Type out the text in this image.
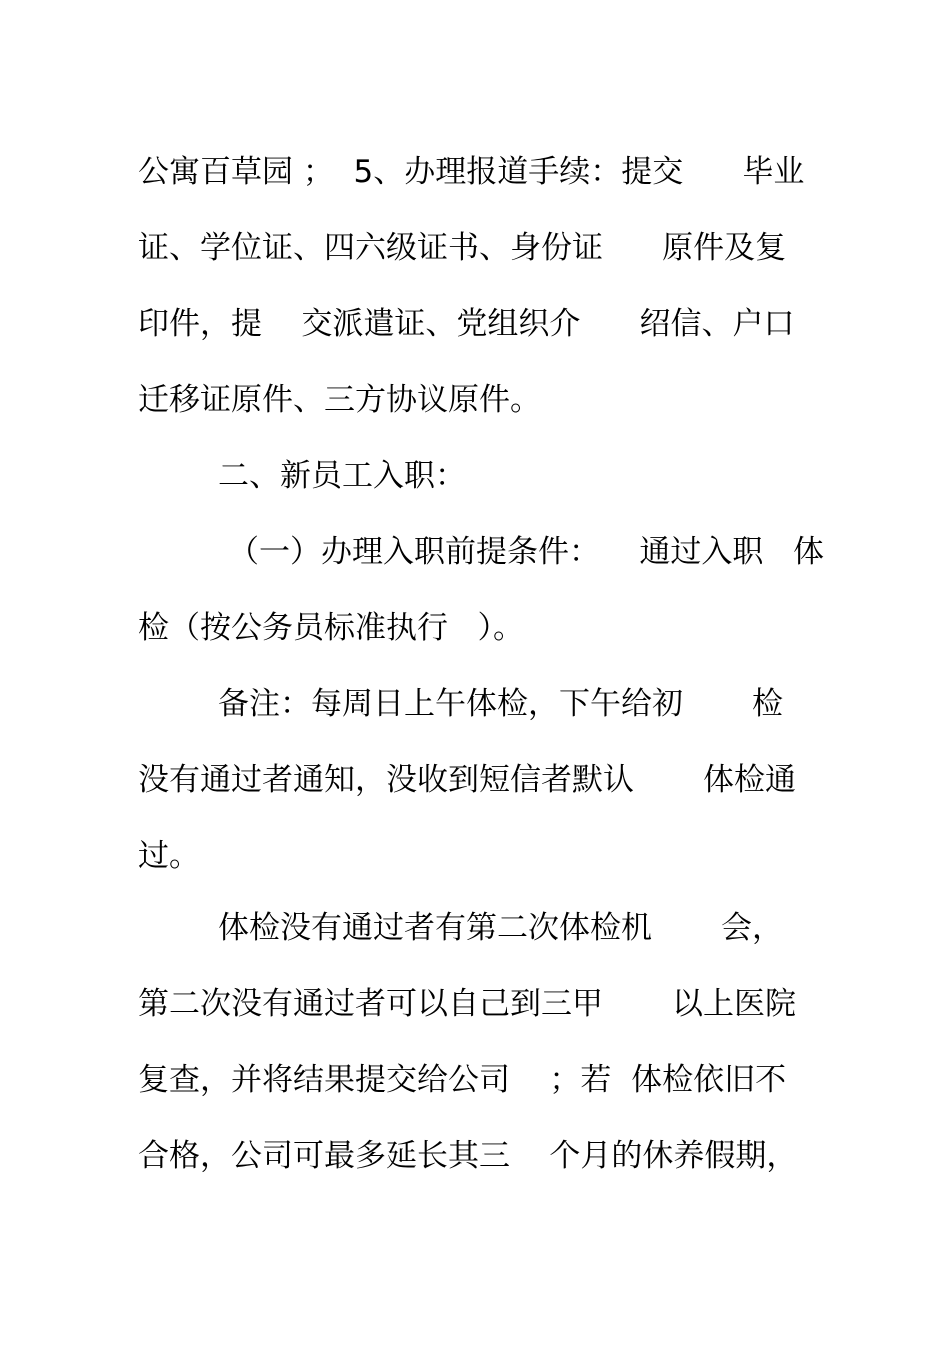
公寓百草园 ；  5、办理报道手续：提交      毕业
证、学位证、四六级证书、身份证      原件及复
印件，提    交派遣证、党组织介      绍信、户口
迁移证原件、三方协议原件。
二、新员工入职：
（一）办理入职前提条件：    通过入职   体
检（按公务员标准执行   ）。
备注：每周日上午体检，下午给初       检
没有通过者通知，没收到短信者默认       体检通
过。
体检没有通过者有第二次体检机       会，
第二次没有通过者可以自己到三甲       以上医院
复查，并将结果提交给公司    ；若  体检依旧不
合格，公司可最多延长其三    个月的休养假期，
